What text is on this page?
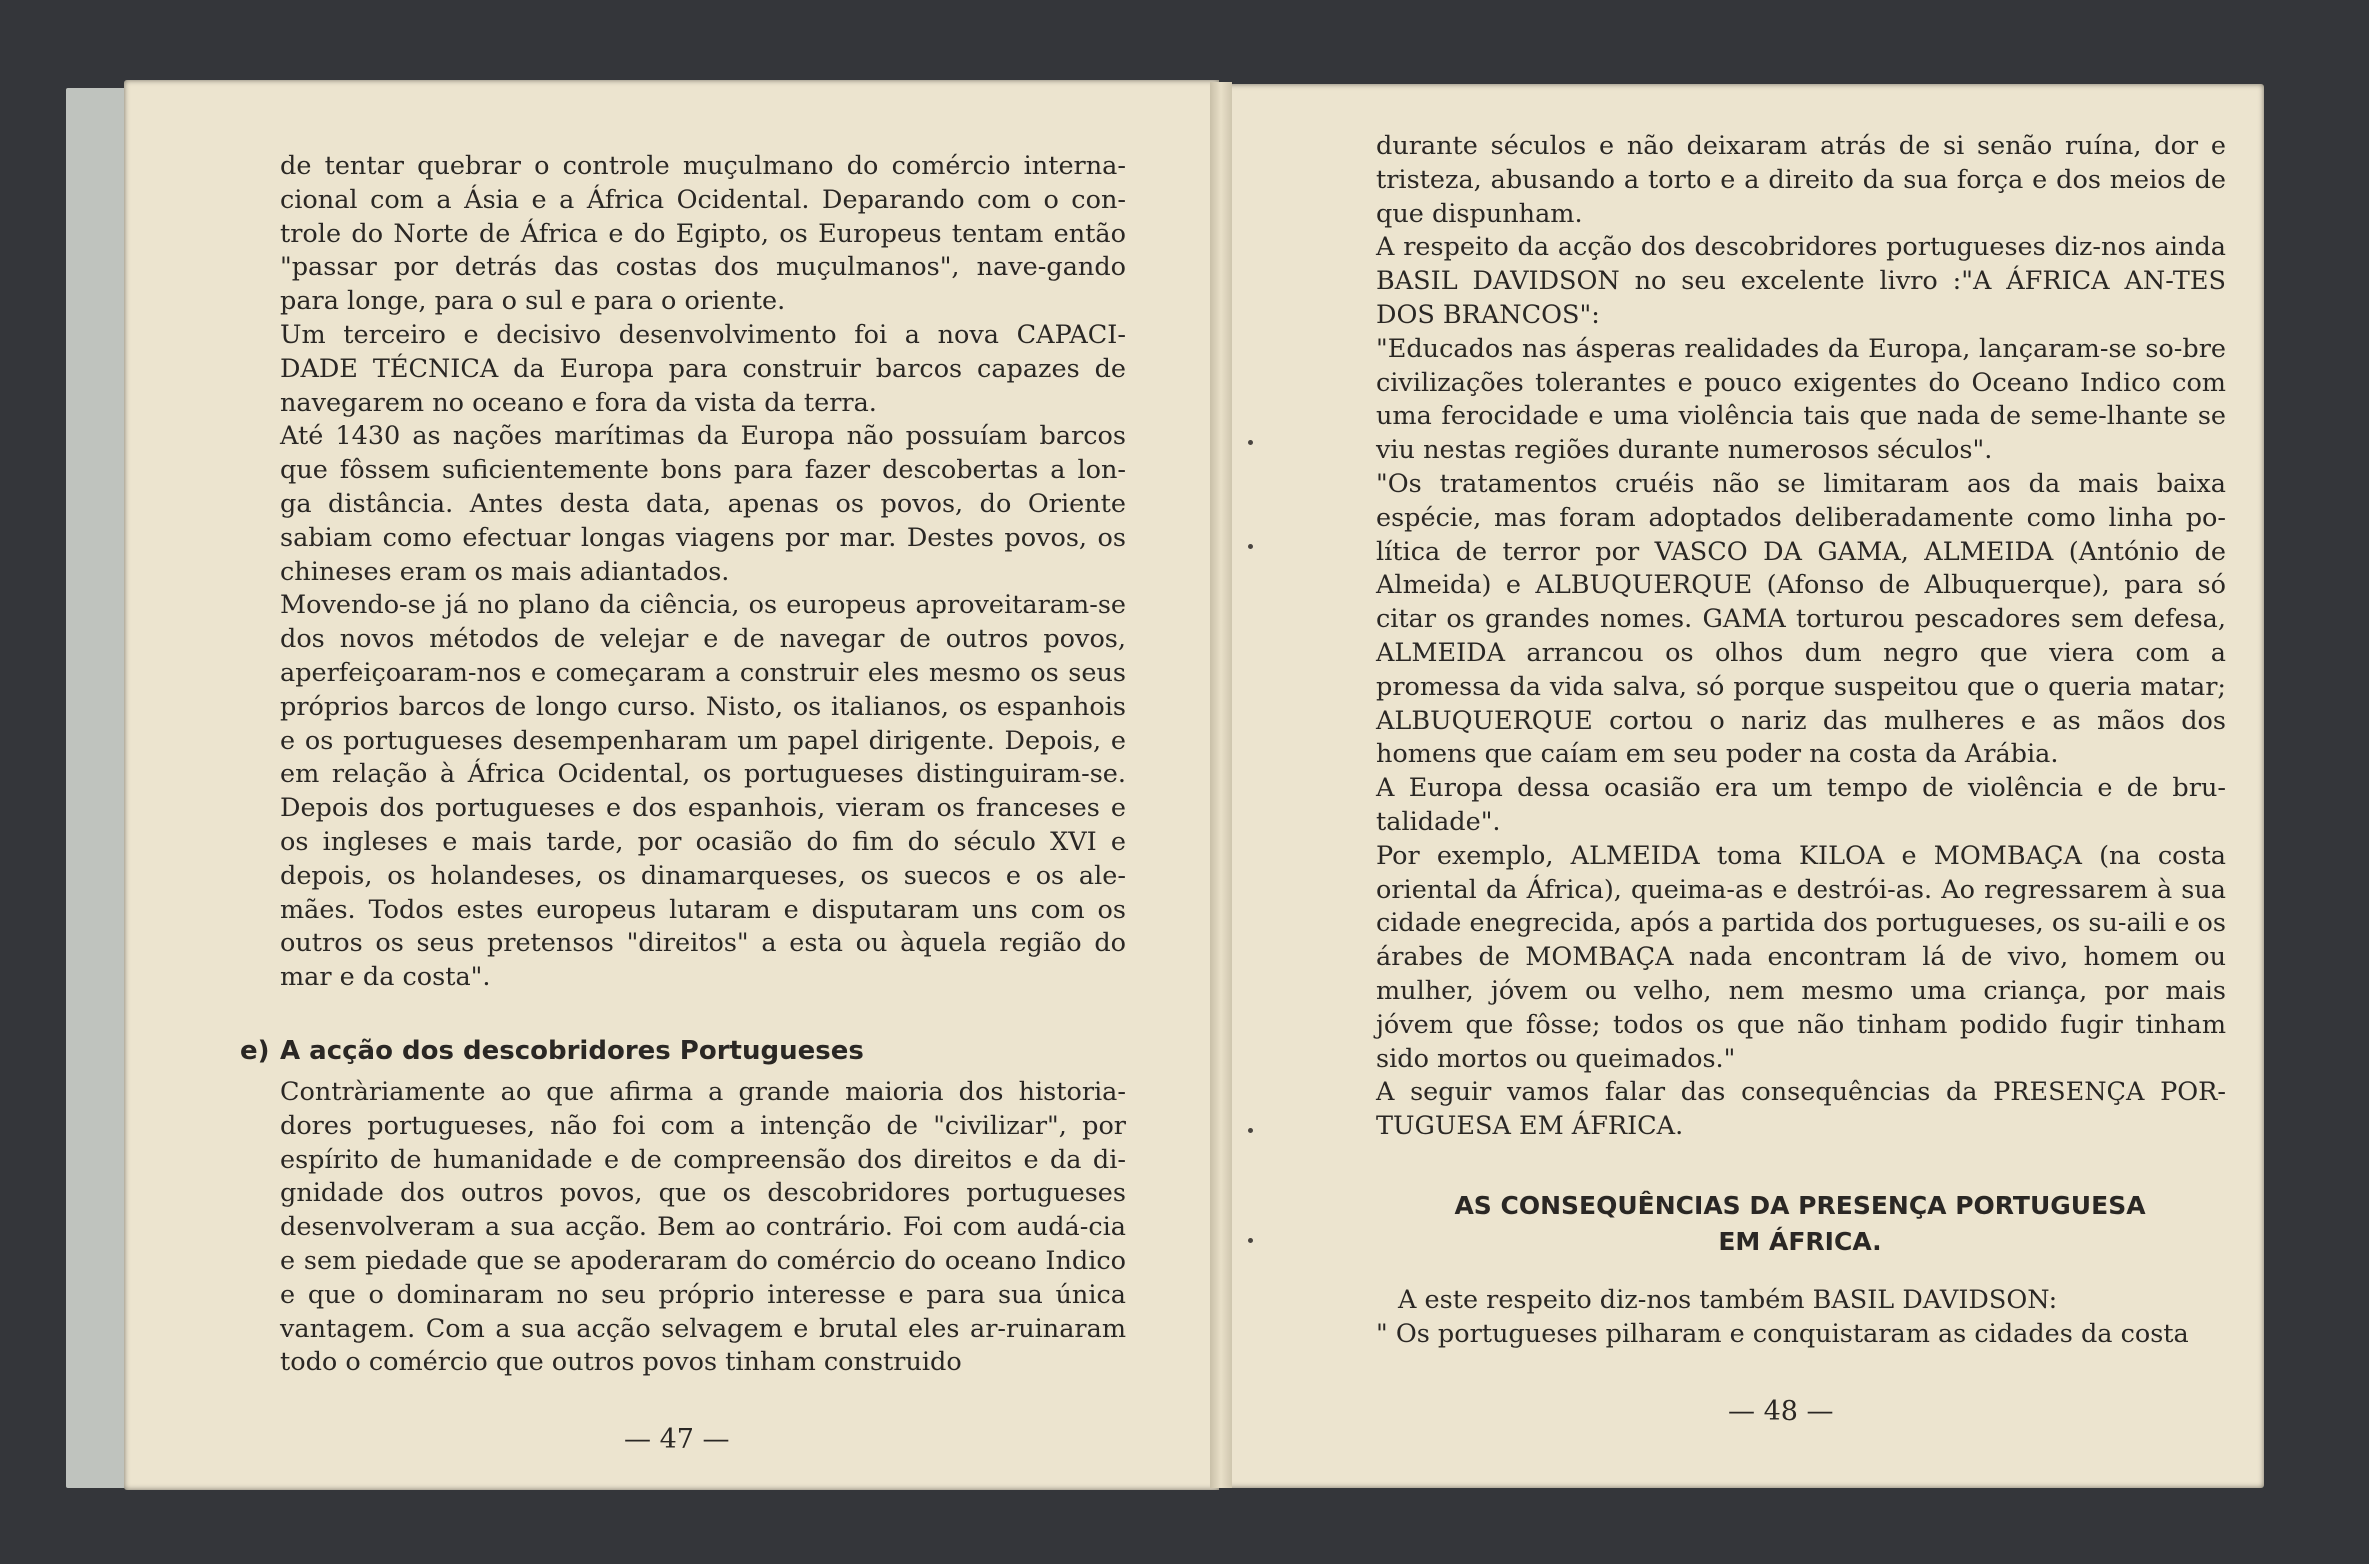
de tentar quebrar o controle muçulmano do comércio interna-cional com a Ásia e a África Ocidental. Deparando com o con-trole do Norte de África e do Egipto, os Europeus tentam então "passar por detrás das costas dos muçulmanos", nave-gando para longe, para o sul e para o oriente.

Um terceiro e decisivo desenvolvimento foi a nova CAPACI-DADE TÉCNICA da Europa para construir barcos capazes de navegarem no oceano e fora da vista da terra.

Até 1430 as nações marítimas da Europa não possuíam barcos que fôssem suficientemente bons para fazer descobertas a lon-ga distância. Antes desta data, apenas os povos, do Oriente sabiam como efectuar longas viagens por mar. Destes povos, os chineses eram os mais adiantados.

Movendo-se já no plano da ciência, os europeus aproveitaram-se dos novos métodos de velejar e de navegar de outros povos, aperfeiçoaram-nos e começaram a construir eles mesmo os seus próprios barcos de longo curso. Nisto, os italianos, os espanhois e os portugueses desempenharam um papel dirigente. Depois, e em relação à África Ocidental, os portugueses distinguiram-se. Depois dos portugueses e dos espanhois, vieram os franceses e os ingleses e mais tarde, por ocasião do fim do século XVI e depois, os holandeses, os dinamarqueses, os suecos e os ale-mães. Todos estes europeus lutaram e disputaram uns com os outros os seus pretensos "direitos" a esta ou àquela região do mar e da costa".

e) A acção dos descobridores Portugueses

Contràriamente ao que afirma a grande maioria dos historia-dores portugueses, não foi com a intenção de "civilizar", por espírito de humanidade e de compreensão dos direitos e da di-gnidade dos outros povos, que os descobridores portugueses desenvolveram a sua acção. Bem ao contrário. Foi com audá-cia e sem piedade que se apoderaram do comércio do oceano Indico e que o dominaram no seu próprio interesse e para sua única vantagem. Com a sua acção selvagem e brutal eles ar-ruinaram todo o comércio que outros povos tinham construido

— 47 —

durante séculos e não deixaram atrás de si senão ruína, dor e tristeza, abusando a torto e a direito da sua força e dos meios de que dispunham.

A respeito da acção dos descobridores portugueses diz-nos ainda BASIL DAVIDSON no seu excelente livro :"A ÁFRICA AN-TES DOS BRANCOS":

"Educados nas ásperas realidades da Europa, lançaram-se so-bre civilizações tolerantes e pouco exigentes do Oceano Indico com uma ferocidade e uma violência tais que nada de seme-lhante se viu nestas regiões durante numerosos séculos".

"Os tratamentos cruéis não se limitaram aos da mais baixa espécie, mas foram adoptados deliberadamente como linha po-lítica de terror por VASCO DA GAMA, ALMEIDA (António de Almeida) e ALBUQUERQUE (Afonso de Albuquerque), para só citar os grandes nomes. GAMA torturou pescadores sem defesa, ALMEIDA arrancou os olhos dum negro que viera com a promessa da vida salva, só porque suspeitou que o queria matar; ALBUQUERQUE cortou o nariz das mulheres e as mãos dos homens que caíam em seu poder na costa da Arábia.

A Europa dessa ocasião era um tempo de violência e de bru-talidade".

Por exemplo, ALMEIDA toma KILOA e MOMBAÇA (na costa oriental da África), queima-as e destrói-as. Ao regressarem à sua cidade enegrecida, após a partida dos portugueses, os su-aili e os árabes de MOMBAÇA nada encontram lá de vivo, homem ou mulher, jóvem ou velho, nem mesmo uma criança, por mais jóvem que fôsse; todos os que não tinham podido fugir tinham sido mortos ou queimados."

A seguir vamos falar das consequências da PRESENÇA POR-TUGUESA EM ÁFRICA.

AS CONSEQUÊNCIAS DA PRESENÇA PORTUGUESA
EM ÁFRICA.

A este respeito diz-nos também BASIL DAVIDSON:

" Os portugueses pilharam e conquistaram as cidades da costa

— 48 —
